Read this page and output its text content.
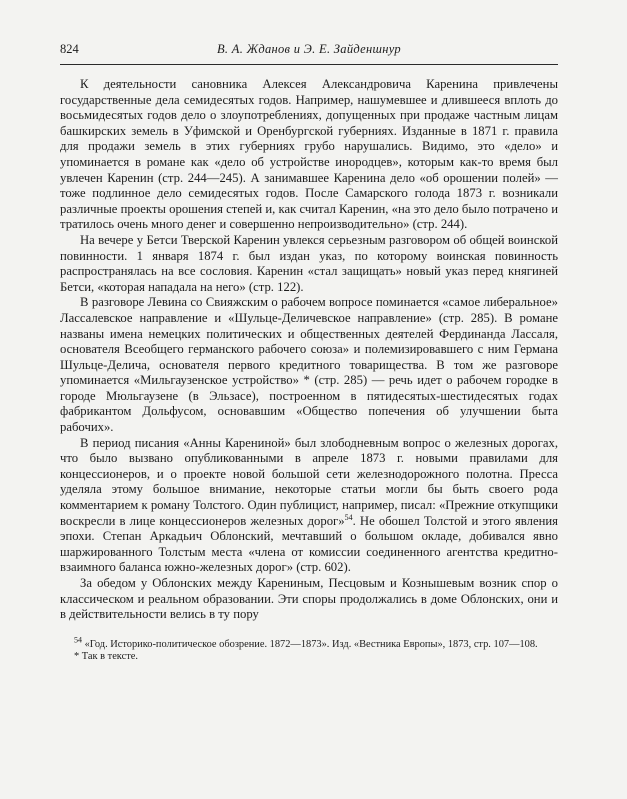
824	В. А. Жданов и Э. Е. Зайденшнур

К деятельности сановника Алексея Александровича Каренина привлечены государственные дела семидесятых годов. Например, нашумевшее и длившееся вплоть до восьмидесятых годов дело о злоупотреблениях, допущенных при продаже частным лицам башкирских земель в Уфимской и Оренбургской губерниях. Изданные в 1871 г. правила для продажи земель в этих губерниях грубо нарушались. Видимо, это «дело» и упоминается в романе как «дело об устройстве инородцев», которым как-то время был увлечен Каренин (стр. 244—245). А занимавшее Каренина дело «об орошении полей» — тоже подлинное дело семидесятых годов. После Самарского голода 1873 г. возникали различные проекты орошения степей и, как считал Каренин, «на это дело было потрачено и тратилось очень много денег и совершенно непроизводительно» (стр. 244).

На вечере у Бетси Тверской Каренин увлекся серьезным разговором об общей воинской повинности. 1 января 1874 г. был издан указ, по которому воинская повинность распространялась на все сословия. Каренин «стал защищать» новый указ перед княгиней Бетси, «которая нападала на него» (стр. 122).

В разговоре Левина со Свияжским о рабочем вопросе поминается «самое либеральное» Лассалевское направление и «Шульце-Деличевское направление» (стр. 285). В романе названы имена немецких политических и общественных деятелей Фердинанда Лассаля, основателя Всеобщего германского рабочего союза» и полемизировавшего с ним Германа Шульце-Делича, основателя первого кредитного товарищества. В том же разговоре упоминается «Мильгаузенское устройство» * (стр. 285) — речь идет о рабочем городке в городе Мюльгаузене (в Эльзасе), построенном в пятидесятых-шестидесятых годах фабрикантом Дольфусом, основавшим «Общество попечения об улучшении быта рабочих».

В период писания «Анны Карениной» был злободневным вопрос о железных дорогах, что было вызвано опубликованными в апреле 1873 г. новыми правилами для концессионеров, и о проекте новой большой сети железнодорожного полотна. Пресса уделяла этому большое внимание, некоторые статьи могли бы быть своего рода комментарием к роману Толстого. Один публицист, например, писал: «Прежние откупщики воскресли в лице концессионеров железных дорог»$^{54}$. Не обошел Толстой и этого явления эпохи. Степан Аркадьич Облонский, мечтавший о большом окладе, добивался явно шаржированного Толстым места «члена от комиссии соединенного агентства кредитно-взаимного баланса южно-железных дорог» (стр. 602).

За обедом у Облонских между Карениным, Песцовым и Кознышевым возник спор о классическом и реальном образовании. Эти споры продолжались в доме Облонских, они и в действительности велись в ту пору

$^{54}$ «Год. Историко-политическое обозрение. 1872—1873». Изд. «Вестника Европы», 1873, стр. 107—108.

* Так в тексте.
